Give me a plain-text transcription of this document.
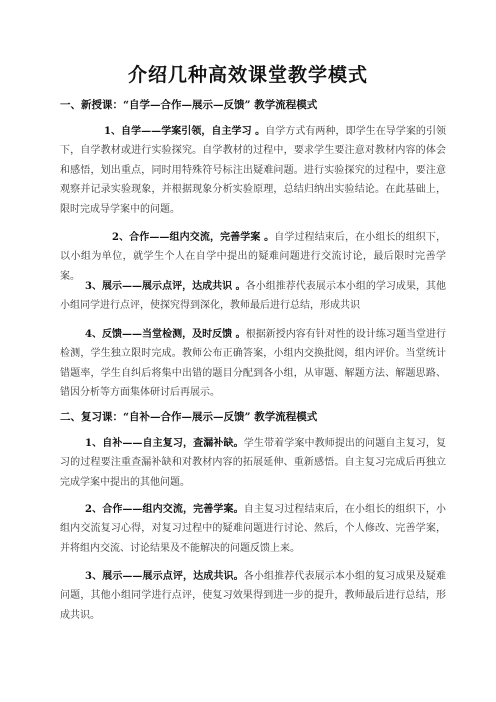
介绍几种高效课堂教学模式
一、新授课：“自学—合作—展示—反馈” 教学流程模式
1、自学——学案引领，自主学习 。自学方式有两种，即学生在导学案的引领下，自学教材或进行实验探究。自学教材的过程中，要求学生要注意对教材内容的体会和感悟，划出重点，同时用特殊符号标注出疑难问题。进行实验探究的过程中，要注意观察并记录实验现象，并根据现象分析实验原理，总结归纳出实验结论。在此基础上，限时完成导学案中的问题。
2、合作——组内交流，完善学案 。自学过程结束后，在小组长的组织下，以小组为单位，就学生个人在自学中提出的疑难问题进行交流讨论，最后限时完善学案。
3、展示——展示点评，达成共识 。各小组推荐代表展示本小组的学习成果，其他小组同学进行点评，使探究得到深化，教师最后进行总结，形成共识
4、反馈——当堂检测，及时反馈 。根据新授内容有针对性的设计练习题当堂进行检测，学生独立限时完成。教师公布正确答案，小组内交换批阅，组内评价。当堂统计错题率，学生自纠后将集中出错的题目分配到各小组，从审题、解题方法、解题思路、错因分析等方面集体研讨后再展示。
二、复习课：“自补—合作—展示—反馈” 教学流程模式
1、自补——自主复习，查漏补缺。学生带着学案中教师提出的问题自主复习，复习的过程要注重查漏补缺和对教材内容的拓展延伸、重新感悟。自主复习完成后再独立完成学案中提出的其他问题。
2、合作——组内交流，完善学案。自主复习过程结束后，在小组长的组织下，小组内交流复习心得，对复习过程中的疑难问题进行讨论、然后，个人修改、完善学案，并将组内交流、讨论结果及不能解决的问题反馈上来。
3、展示——展示点评，达成共识。各小组推荐代表展示本小组的复习成果及疑难问题，其他小组同学进行点评，使复习效果得到进一步的提升，教师最后进行总结，形成共识。
